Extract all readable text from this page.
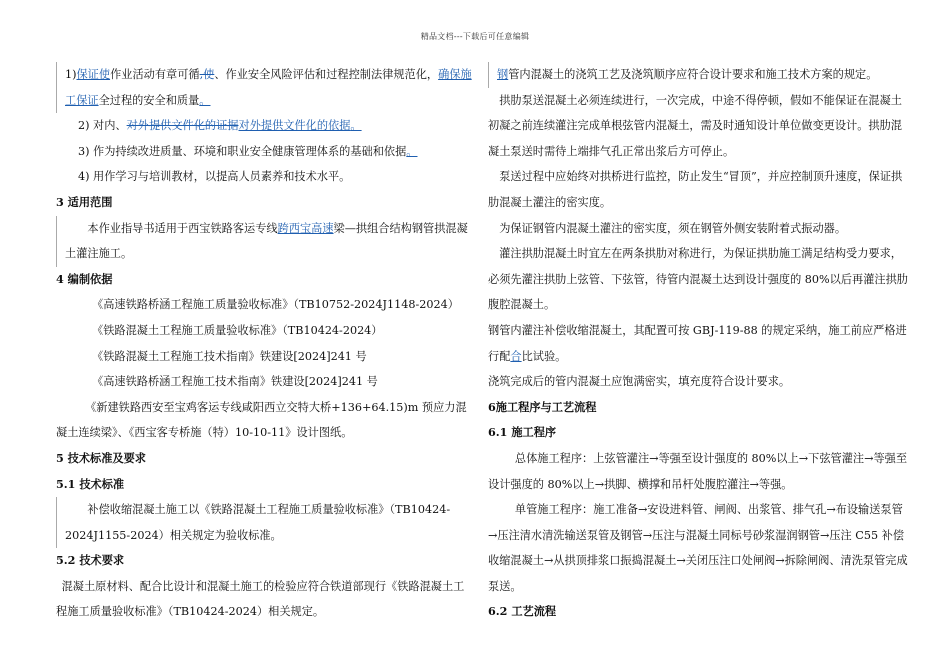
精品文档---下载后可任意编辑

1)保证使作业活动有章可循,使、作业安全风险评估和过程控制法律规范化，确保施工保证全过程的安全和质量。

2) 对内、对外提供文件化的证据对外提供文件化的依据。

3) 作为持续改进质量、环境和职业安全健康管理体系的基础和依据。

4) 用作学习与培训教材，以提高人员素养和技术水平。

3 适用范围

本作业指导书适用于西宝铁路客运专线跨西宝高速梁—拱组合结构钢管拱混凝土灌注施工。

4 编制依据

《高速铁路桥涵工程施工质量验收标准》（TB10752-2024J1148-2024）

《铁路混凝土工程施工质量验收标准》（TB10424-2024）

《铁路混凝土工程施工技术指南》铁建设[2024]241 号

《高速铁路桥涵工程施工技术指南》铁建设[2024]241 号

《新建铁路西安至宝鸡客运专线咸阳西立交特大桥+136+64.15)m 预应力混凝土连续梁》、《西宝客专桥施（特）10-10-11》设计图纸。

5 技术标准及要求

5.1 技术标准

补偿收缩混凝土施工以《铁路混凝土工程施工质量验收标准》（TB10424-2024J1155-2024）相关规定为验收标准。

5.2 技术要求

混凝土原材料、配合比设计和混凝土施工的检验应符合铁道部现行《铁路混凝土工程施工质量验收标准》（TB10424-2024）相关规定。

钢管内混凝土的浇筑工艺及浇筑顺序应符合设计要求和施工技术方案的规定。

拱肋泵送混凝土必须连续进行，一次完成，中途不得停顿，假如不能保证在混凝土初凝之前连续灌注完成单根弦管内混凝土，需及时通知设计单位做变更设计。拱肋混凝土泵送时需待上端排气孔正常出浆后方可停止。

泵送过程中应始终对拱桥进行监控，防止发生“冒顶”，并应控制顶升速度，保证拱肋混凝土灌注的密实度。

为保证钢管内混凝土灌注的密实度，须在钢管外侧安装附着式振动器。

灌注拱肋混凝土时宜左在两条拱肋对称进行，为保证拱肋施工满足结构受力要求，必须先灌注拱肋上弦管、下弦管，待管内混凝土达到设计强度的 80%以后再灌注拱肋腹腔混凝土。

钢管内灌注补偿收缩混凝土，其配置可按 GBJ-119-88 的规定采纳，施工前应严格进行配合比试验。

浇筑完成后的管内混凝土应饱满密实，填充度符合设计要求。

6施工程序与工艺流程

6.1 施工程序

总体施工程序：上弦管灌注→等强至设计强度的 80%以上→下弦管灌注→等强至设计强度的 80%以上→拱脚、横撑和吊杆处腹腔灌注→等强。

单管施工程序：施工准备→安设进料管、闸阀、出浆管、排气孔→布设输送泵管→压注清水清洗输送泵管及钢管→压注与混凝土同标号砂浆湿润钢管→压注 C55 补偿收缩混凝土→从拱顶排浆口振捣混凝土→关闭压注口处闸阀→拆除闸阀、清洗泵管完成泵送。

6.2 工艺流程
